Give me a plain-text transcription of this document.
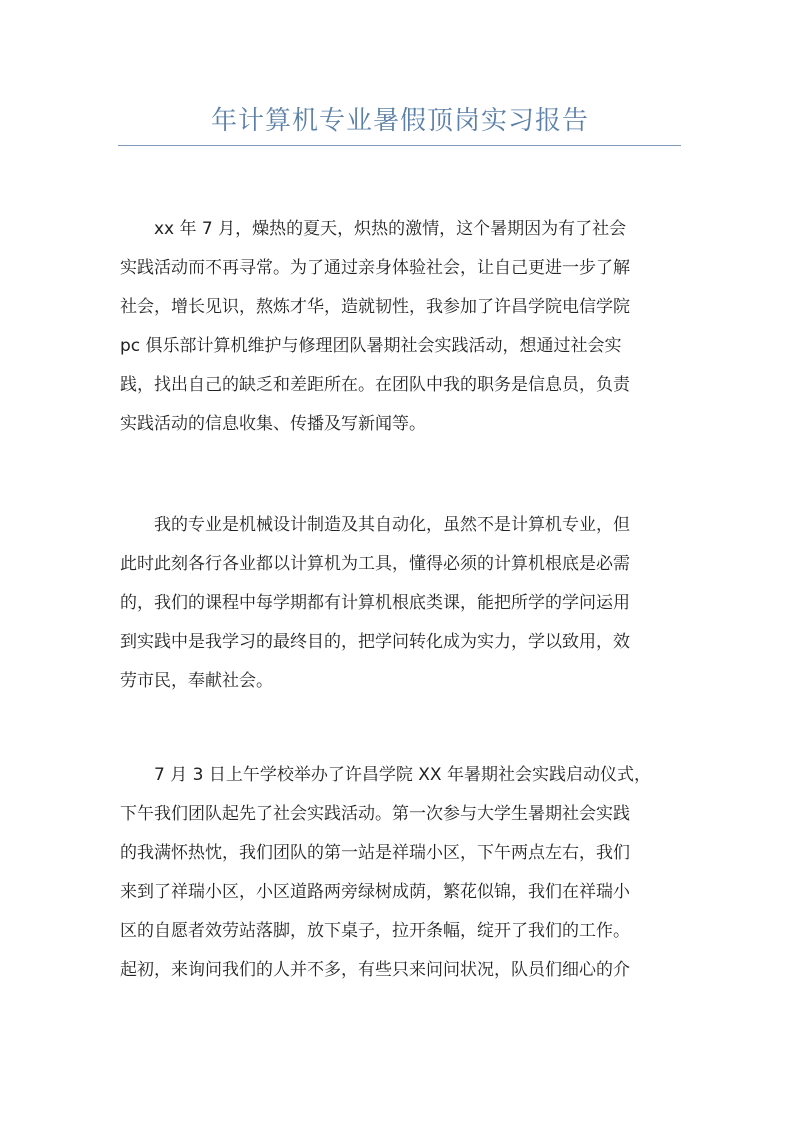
年计算机专业暑假顶岗实习报告
xx 年 7 月，燥热的夏天，炽热的激情，这个暑期因为有了社会
实践活动而不再寻常。为了通过亲身体验社会，让自己更进一步了解
社会，增长见识，熬炼才华，造就韧性，我参加了许昌学院电信学院
pc 俱乐部计算机维护与修理团队暑期社会实践活动，想通过社会实
践，找出自己的缺乏和差距所在。在团队中我的职务是信息员，负责
实践活动的信息收集、传播及写新闻等。
我的专业是机械设计制造及其自动化，虽然不是计算机专业，但
此时此刻各行各业都以计算机为工具，懂得必须的计算机根底是必需
的，我们的课程中每学期都有计算机根底类课，能把所学的学问运用
到实践中是我学习的最终目的，把学问转化成为实力，学以致用，效
劳市民，奉献社会。
7 月 3 日上午学校举办了许昌学院 XX 年暑期社会实践启动仪式，
下午我们团队起先了社会实践活动。第一次参与大学生暑期社会实践
的我满怀热忱，我们团队的第一站是祥瑞小区，下午两点左右，我们
来到了祥瑞小区，小区道路两旁绿树成荫，繁花似锦，我们在祥瑞小
区的自愿者效劳站落脚，放下桌子，拉开条幅，绽开了我们的工作。
起初，来询问我们的人并不多，有些只来问问状况，队员们细心的介
